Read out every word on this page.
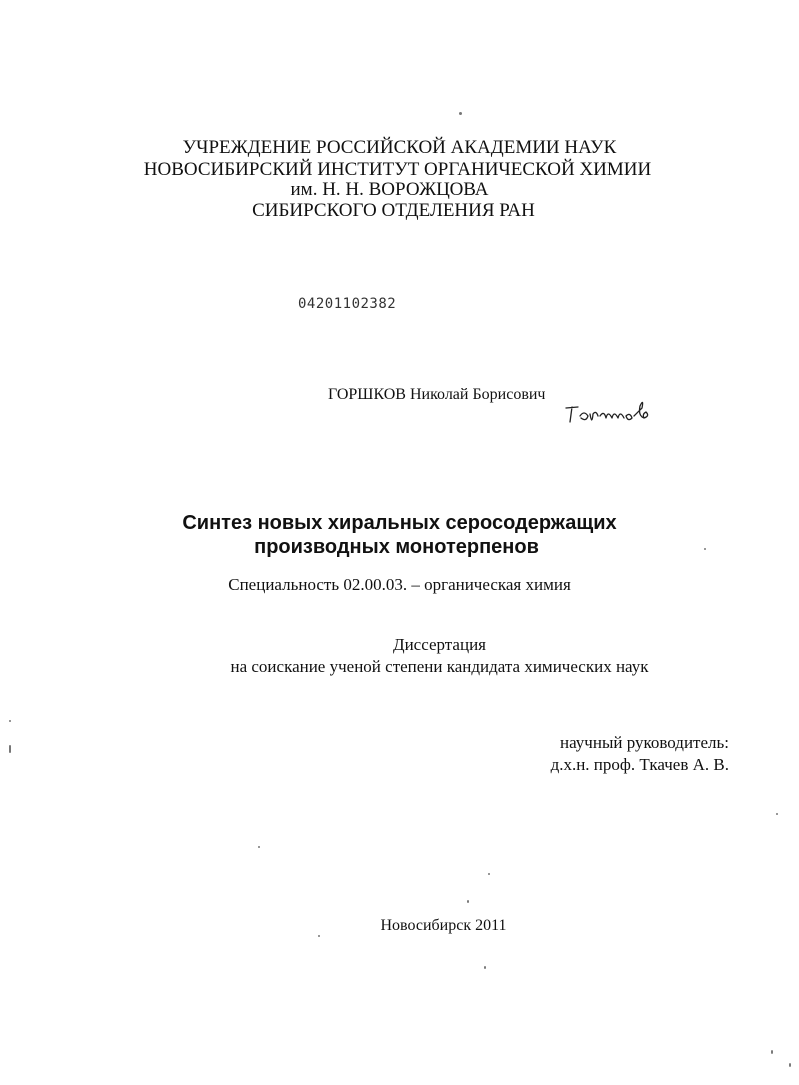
УЧРЕЖДЕНИЕ РОССИЙСКОЙ АКАДЕМИИ НАУК
НОВОСИБИРСКИЙ ИНСТИТУТ ОРГАНИЧЕСКОЙ ХИМИИ
им. Н. Н. ВОРОЖЦОВА
СИБИРСКОГО ОТДЕЛЕНИЯ РАН
04201102382
ГОРШКОВ Николай Борисович
Синтез новых хиральных серосодержащих
производных монотерпенов
Специальность 02.00.03. – органическая химия
Диссертация
на соискание ученой степени кандидата химических наук
научный руководитель:
д.х.н. проф. Ткачев А. В.
Новосибирск 2011
